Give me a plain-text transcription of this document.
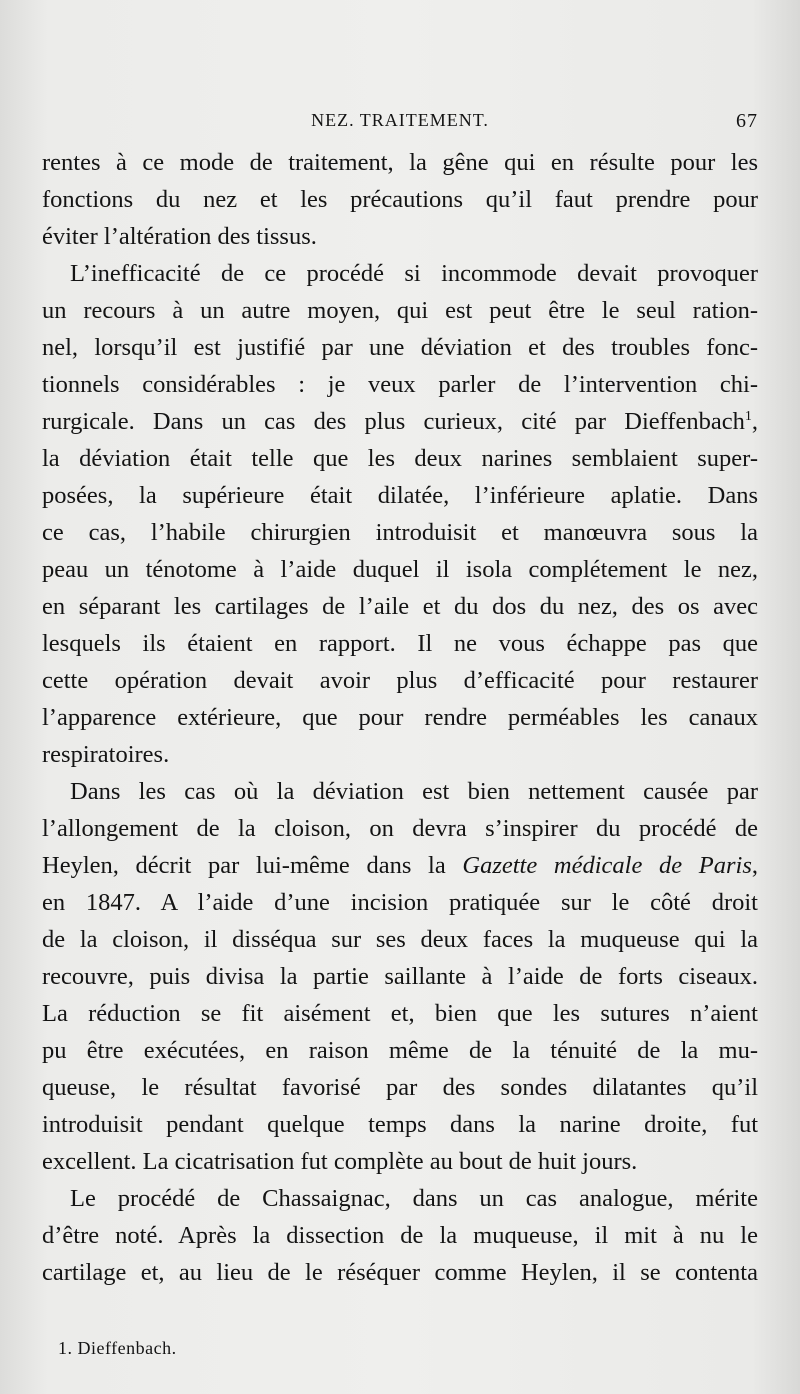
NEZ. TRAITEMENT.	67
rentes à ce mode de traitement, la gêne qui en résulte pour les
fonctions du nez et les précautions qu’il faut prendre pour
éviter l’altération des tissus.
L’inefficacité de ce procédé si incommode devait provoquer
un recours à un autre moyen, qui est peut être le seul ration-
nel, lorsqu’il est justifié par une déviation et des troubles fonc-
tionnels considérables : je veux parler de l’intervention chi-
rurgicale. Dans un cas des plus curieux, cité par Dieffenbach$^1$,
la déviation était telle que les deux narines semblaient super-
posées, la supérieure était dilatée, l’inférieure aplatie. Dans
ce cas, l’habile chirurgien introduisit et manœuvra sous la
peau un ténotome à l’aide duquel il isola complétement le nez,
en séparant les cartilages de l’aile et du dos du nez, des os avec
lesquels ils étaient en rapport. Il ne vous échappe pas que
cette opération devait avoir plus d’efficacité pour restaurer
l’apparence extérieure, que pour rendre perméables les canaux
respiratoires.
Dans les cas où la déviation est bien nettement causée par
l’allongement de la cloison, on devra s’inspirer du procédé de
Heylen, décrit par lui-même dans la Gazette médicale de Paris,
en 1847. A l’aide d’une incision pratiquée sur le côté droit
de la cloison, il disséqua sur ses deux faces la muqueuse qui la
recouvre, puis divisa la partie saillante à l’aide de forts ciseaux.
La réduction se fit aisément et, bien que les sutures n’aient
pu être exécutées, en raison même de la ténuité de la mu-
queuse, le résultat favorisé par des sondes dilatantes qu’il
introduisit pendant quelque temps dans la narine droite, fut
excellent. La cicatrisation fut complète au bout de huit jours.
Le procédé de Chassaignac, dans un cas analogue, mérite
d’être noté. Après la dissection de la muqueuse, il mit à nu le
cartilage et, au lieu de le réséquer comme Heylen, il se contenta
1. Dieffenbach.
